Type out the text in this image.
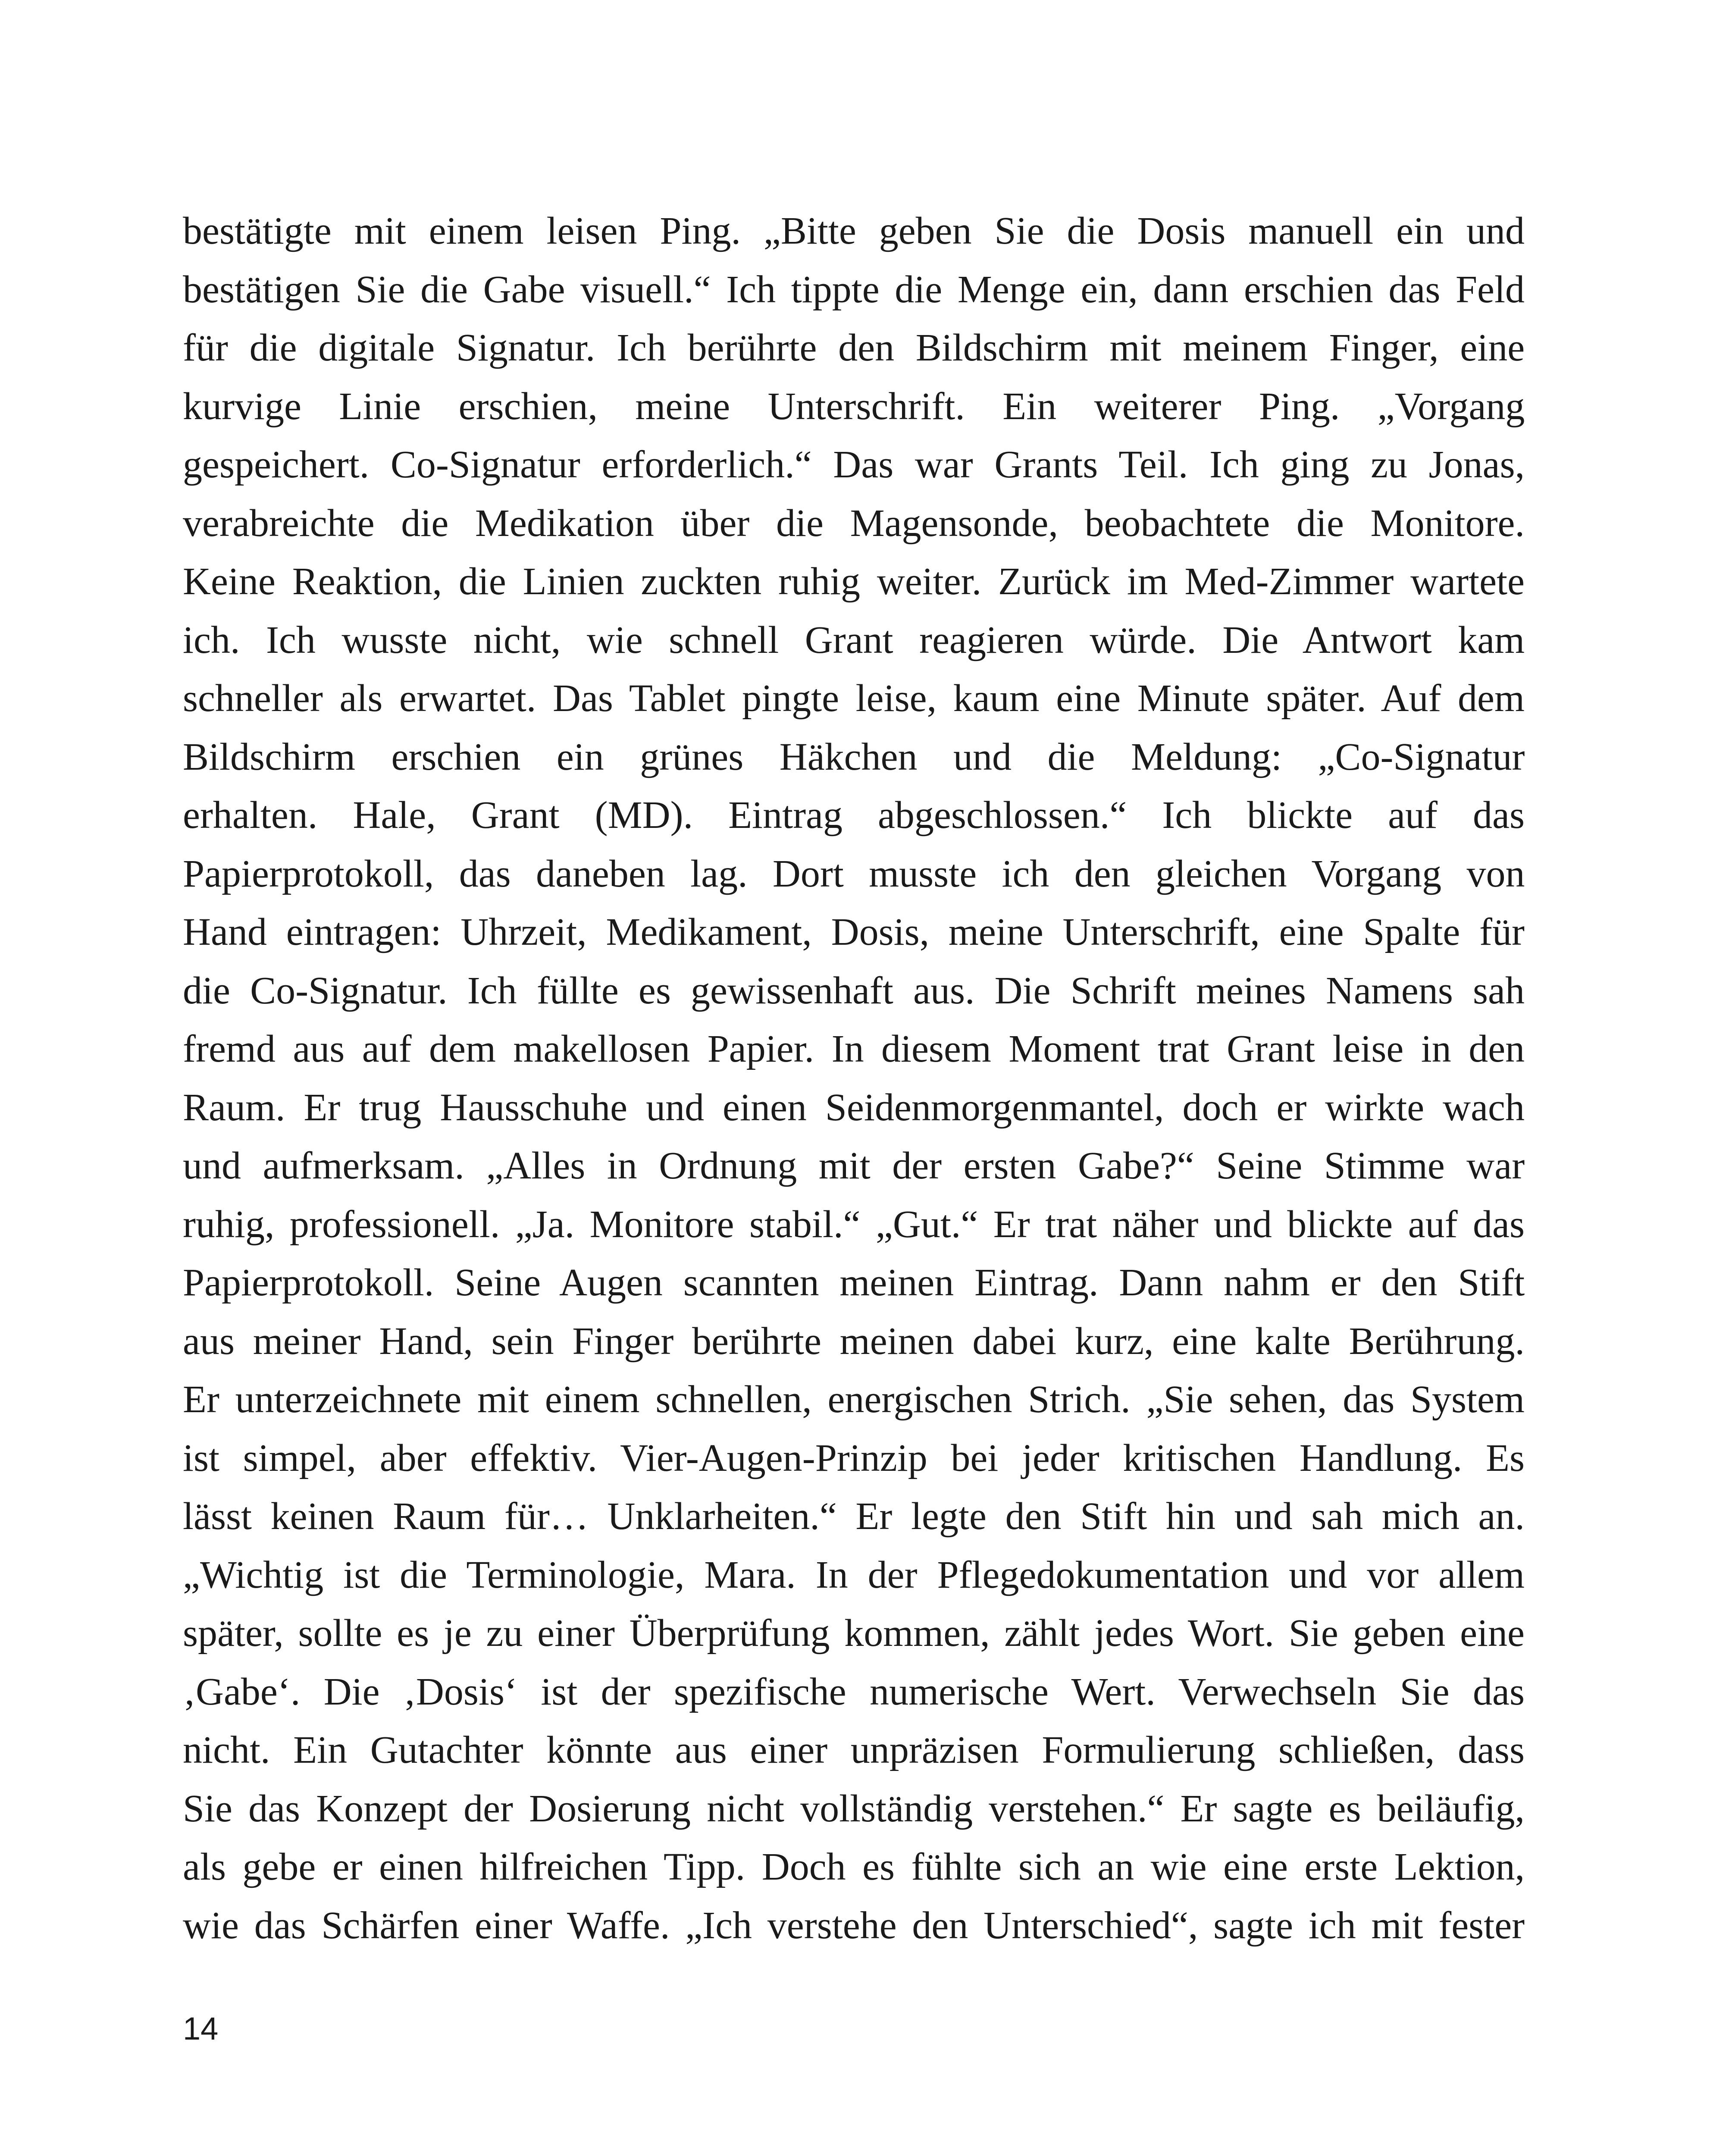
bestätigte mit einem leisen Ping. „Bitte geben Sie die Dosis manuell ein und
bestätigen Sie die Gabe visuell.“ Ich tippte die Menge ein, dann erschien das Feld
für die digitale Signatur. Ich berührte den Bildschirm mit meinem Finger, eine
kurvige Linie erschien, meine Unterschrift. Ein weiterer Ping. „Vorgang
gespeichert. Co-Signatur erforderlich.“ Das war Grants Teil. Ich ging zu Jonas,
verabreichte die Medikation über die Magensonde, beobachtete die Monitore.
Keine Reaktion, die Linien zuckten ruhig weiter. Zurück im Med-Zimmer wartete
ich. Ich wusste nicht, wie schnell Grant reagieren würde. Die Antwort kam
schneller als erwartet. Das Tablet pingte leise, kaum eine Minute später. Auf dem
Bildschirm erschien ein grünes Häkchen und die Meldung: „Co-Signatur
erhalten. Hale, Grant (MD). Eintrag abgeschlossen.“ Ich blickte auf das
Papierprotokoll, das daneben lag. Dort musste ich den gleichen Vorgang von
Hand eintragen: Uhrzeit, Medikament, Dosis, meine Unterschrift, eine Spalte für
die Co-Signatur. Ich füllte es gewissenhaft aus. Die Schrift meines Namens sah
fremd aus auf dem makellosen Papier. In diesem Moment trat Grant leise in den
Raum. Er trug Hausschuhe und einen Seidenmorgenmantel, doch er wirkte wach
und aufmerksam. „Alles in Ordnung mit der ersten Gabe?“ Seine Stimme war
ruhig, professionell. „Ja. Monitore stabil.“ „Gut.“ Er trat näher und blickte auf das
Papierprotokoll. Seine Augen scannten meinen Eintrag. Dann nahm er den Stift
aus meiner Hand, sein Finger berührte meinen dabei kurz, eine kalte Berührung.
Er unterzeichnete mit einem schnellen, energischen Strich. „Sie sehen, das System
ist simpel, aber effektiv. Vier-Augen-Prinzip bei jeder kritischen Handlung. Es
lässt keinen Raum für… Unklarheiten.“ Er legte den Stift hin und sah mich an.
„Wichtig ist die Terminologie, Mara. In der Pflegedokumentation und vor allem
später, sollte es je zu einer Überprüfung kommen, zählt jedes Wort. Sie geben eine
‚Gabe‘. Die ‚Dosis‘ ist der spezifische numerische Wert. Verwechseln Sie das
nicht. Ein Gutachter könnte aus einer unpräzisen Formulierung schließen, dass
Sie das Konzept der Dosierung nicht vollständig verstehen.“ Er sagte es beiläufig,
als gebe er einen hilfreichen Tipp. Doch es fühlte sich an wie eine erste Lektion,
wie das Schärfen einer Waffe. „Ich verstehe den Unterschied“, sagte ich mit fester
14
